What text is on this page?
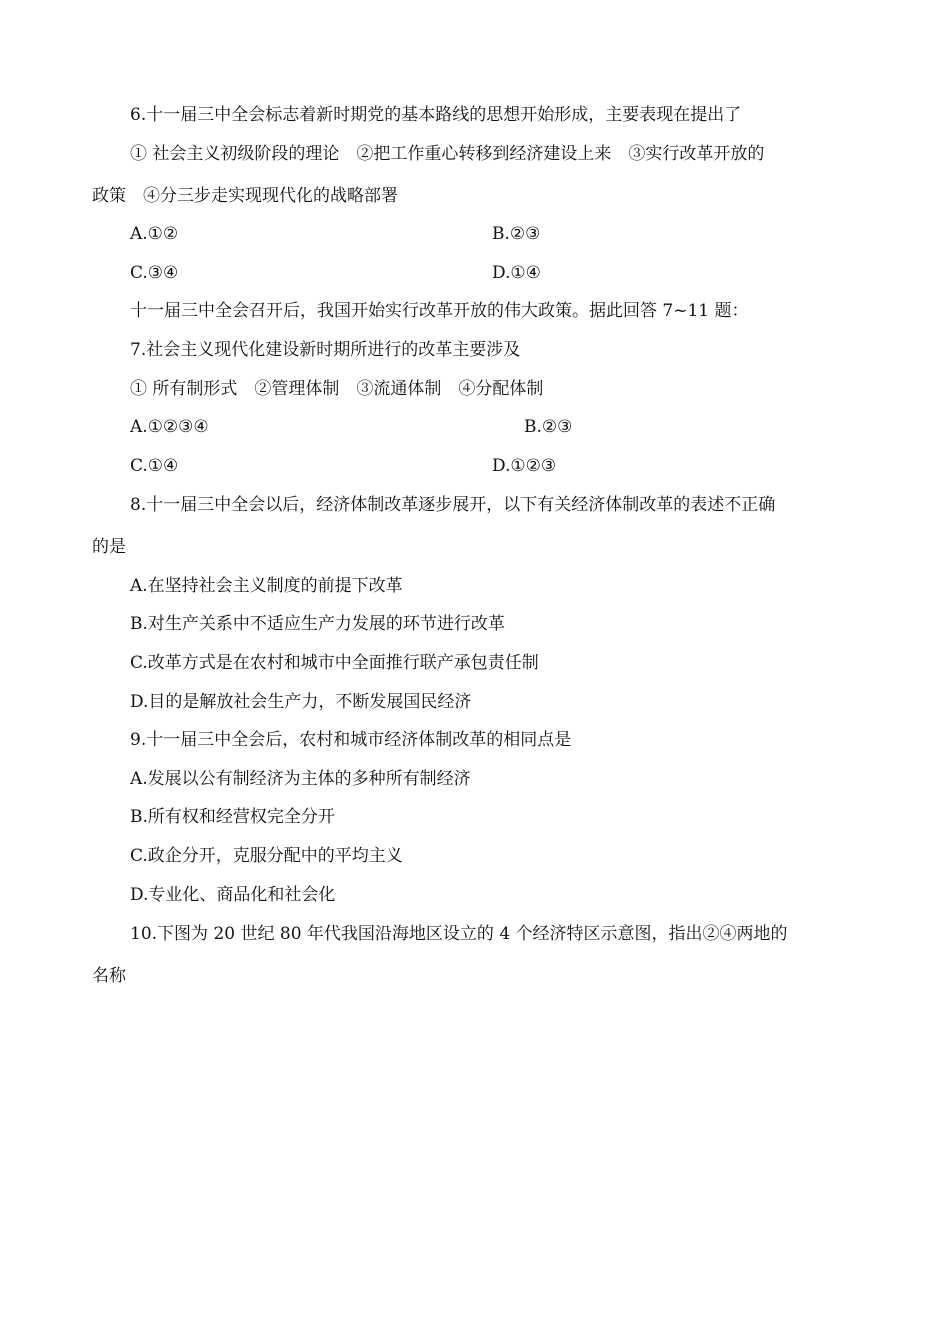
6.十一届三中全会标志着新时期党的基本路线的思想开始形成，主要表现在提出了
① 社会主义初级阶段的理论　②把工作重心转移到经济建设上来　③实行改革开放的
政策　④分三步走实现现代化的战略部署
A.①②	B.②③
C.③④	D.①④
十一届三中全会召开后，我国开始实行改革开放的伟大政策。据此回答 7~11 题：
7.社会主义现代化建设新时期所进行的改革主要涉及
① 所有制形式　②管理体制　③流通体制　④分配体制
A.①②③④	B.②③
C.①④	D.①②③
8.十一届三中全会以后，经济体制改革逐步展开，以下有关经济体制改革的表述不正确
的是
A.在坚持社会主义制度的前提下改革
B.对生产关系中不适应生产力发展的环节进行改革
C.改革方式是在农村和城市中全面推行联产承包责任制
D.目的是解放社会生产力，不断发展国民经济
9.十一届三中全会后，农村和城市经济体制改革的相同点是
A.发展以公有制经济为主体的多种所有制经济
B.所有权和经营权完全分开
C.政企分开，克服分配中的平均主义
D.专业化、商品化和社会化
10.下图为 20 世纪 80 年代我国沿海地区设立的 4 个经济特区示意图，指出②④两地的
名称
